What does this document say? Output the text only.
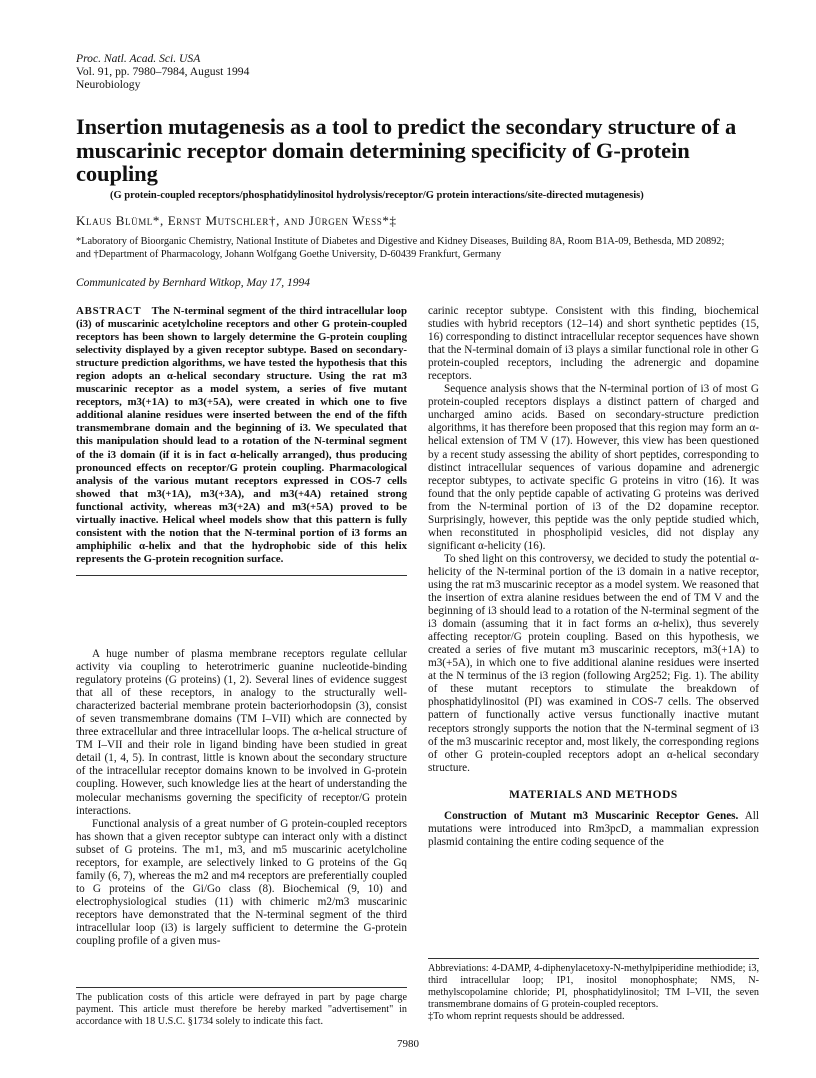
Proc. Natl. Acad. Sci. USA
Vol. 91, pp. 7980–7984, August 1994
Neurobiology
Insertion mutagenesis as a tool to predict the secondary structure of a muscarinic receptor domain determining specificity of G-protein coupling
(G protein-coupled receptors/phosphatidylinositol hydrolysis/receptor/G protein interactions/site-directed mutagenesis)
Klaus Blüml*, Ernst Mutschler†, and Jürgen Wess*‡
*Laboratory of Bioorganic Chemistry, National Institute of Diabetes and Digestive and Kidney Diseases, Building 8A, Room B1A-09, Bethesda, MD 20892;
and †Department of Pharmacology, Johann Wolfgang Goethe University, D-60439 Frankfurt, Germany
Communicated by Bernhard Witkop, May 17, 1994
ABSTRACT The N-terminal segment of the third intracellular loop (i3) of muscarinic acetylcholine receptors and other G protein-coupled receptors has been shown to largely determine the G-protein coupling selectivity displayed by a given receptor subtype. Based on secondary-structure prediction algorithms, we have tested the hypothesis that this region adopts an α-helical secondary structure. Using the rat m3 muscarinic receptor as a model system, a series of five mutant receptors, m3(+1A) to m3(+5A), were created in which one to five additional alanine residues were inserted between the end of the fifth transmembrane domain and the beginning of i3. We speculated that this manipulation should lead to a rotation of the N-terminal segment of the i3 domain (if it is in fact α-helically arranged), thus producing pronounced effects on receptor/G protein coupling. Pharmacological analysis of the various mutant receptors expressed in COS-7 cells showed that m3(+1A), m3(+3A), and m3(+4A) retained strong functional activity, whereas m3(+2A) and m3(+5A) proved to be virtually inactive. Helical wheel models show that this pattern is fully consistent with the notion that the N-terminal portion of i3 forms an amphiphilic α-helix and that the hydrophobic side of this helix represents the G-protein recognition surface.

A huge number of plasma membrane receptors regulate cellular activity via coupling to heterotrimeric guanine nucleotide-binding regulatory proteins (G proteins) (1, 2). Several lines of evidence suggest that all of these receptors, in analogy to the structurally well-characterized bacterial membrane protein bacteriorhodopsin (3), consist of seven transmembrane domains (TM I–VII) which are connected by three extracellular and three intracellular loops. The α-helical structure of TM I–VII and their role in ligand binding have been studied in great detail (1, 4, 5). In contrast, little is known about the secondary structure of the intracellular receptor domains known to be involved in G-protein coupling. However, such knowledge lies at the heart of understanding the molecular mechanisms governing the specificity of receptor/G protein interactions.

Functional analysis of a great number of G protein-coupled receptors has shown that a given receptor subtype can interact only with a distinct subset of G proteins. The m1, m3, and m5 muscarinic acetylcholine receptors, for example, are selectively linked to G proteins of the Gq family (6, 7), whereas the m2 and m4 receptors are preferentially coupled to G proteins of the Gi/Go class (8). Biochemical (9, 10) and electrophysiological studies (11) with chimeric m2/m3 muscarinic receptors have demonstrated that the N-terminal segment of the third intracellular loop (i3) is largely sufficient to determine the G-protein coupling profile of a given mus-

carinic receptor subtype. Consistent with this finding, biochemical studies with hybrid receptors (12–14) and short synthetic peptides (15, 16) corresponding to distinct intracellular receptor sequences have shown that the N-terminal domain of i3 plays a similar functional role in other G protein-coupled receptors, including the adrenergic and dopamine receptors.

Sequence analysis shows that the N-terminal portion of i3 of most G protein-coupled receptors displays a distinct pattern of charged and uncharged amino acids. Based on secondary-structure prediction algorithms, it has therefore been proposed that this region may form an α-helical extension of TM V (17). However, this view has been questioned by a recent study assessing the ability of short peptides, corresponding to distinct intracellular sequences of various dopamine and adrenergic receptor subtypes, to activate specific G proteins in vitro (16). It was found that the only peptide capable of activating G proteins was derived from the N-terminal portion of i3 of the D2 dopamine receptor. Surprisingly, however, this peptide was the only peptide studied which, when reconstituted in phospholipid vesicles, did not display any significant α-helicity (16).

To shed light on this controversy, we decided to study the potential α-helicity of the N-terminal portion of the i3 domain in a native receptor, using the rat m3 muscarinic receptor as a model system. We reasoned that the insertion of extra alanine residues between the end of TM V and the beginning of i3 should lead to a rotation of the N-terminal segment of the i3 domain (assuming that it in fact forms an α-helix), thus severely affecting receptor/G protein coupling. Based on this hypothesis, we created a series of five mutant m3 muscarinic receptors, m3(+1A) to m3(+5A), in which one to five additional alanine residues were inserted at the N terminus of the i3 region (following Arg252; Fig. 1). The ability of these mutant receptors to stimulate the breakdown of phosphatidylinositol (PI) was examined in COS-7 cells. The observed pattern of functionally active versus functionally inactive mutant receptors strongly supports the notion that the N-terminal segment of i3 of the m3 muscarinic receptor and, most likely, the corresponding regions of other G protein-coupled receptors adopt an α-helical secondary structure.

MATERIALS AND METHODS

Construction of Mutant m3 Muscarinic Receptor Genes. All mutations were introduced into Rm3pcD, a mammalian expression plasmid containing the entire coding sequence of the

The publication costs of this article were defrayed in part by page charge payment. This article must therefore be hereby marked "advertisement" in accordance with 18 U.S.C. §1734 solely to indicate this fact.
Abbreviations: 4-DAMP, 4-diphenylacetoxy-N-methylpiperidine methiodide; i3, third intracellular loop; IP1, inositol monophosphate; NMS, N-methylscopolamine chloride; PI, phosphatidylinositol; TM I–VII, the seven transmembrane domains of G protein-coupled receptors.
‡To whom reprint requests should be addressed.
7980
